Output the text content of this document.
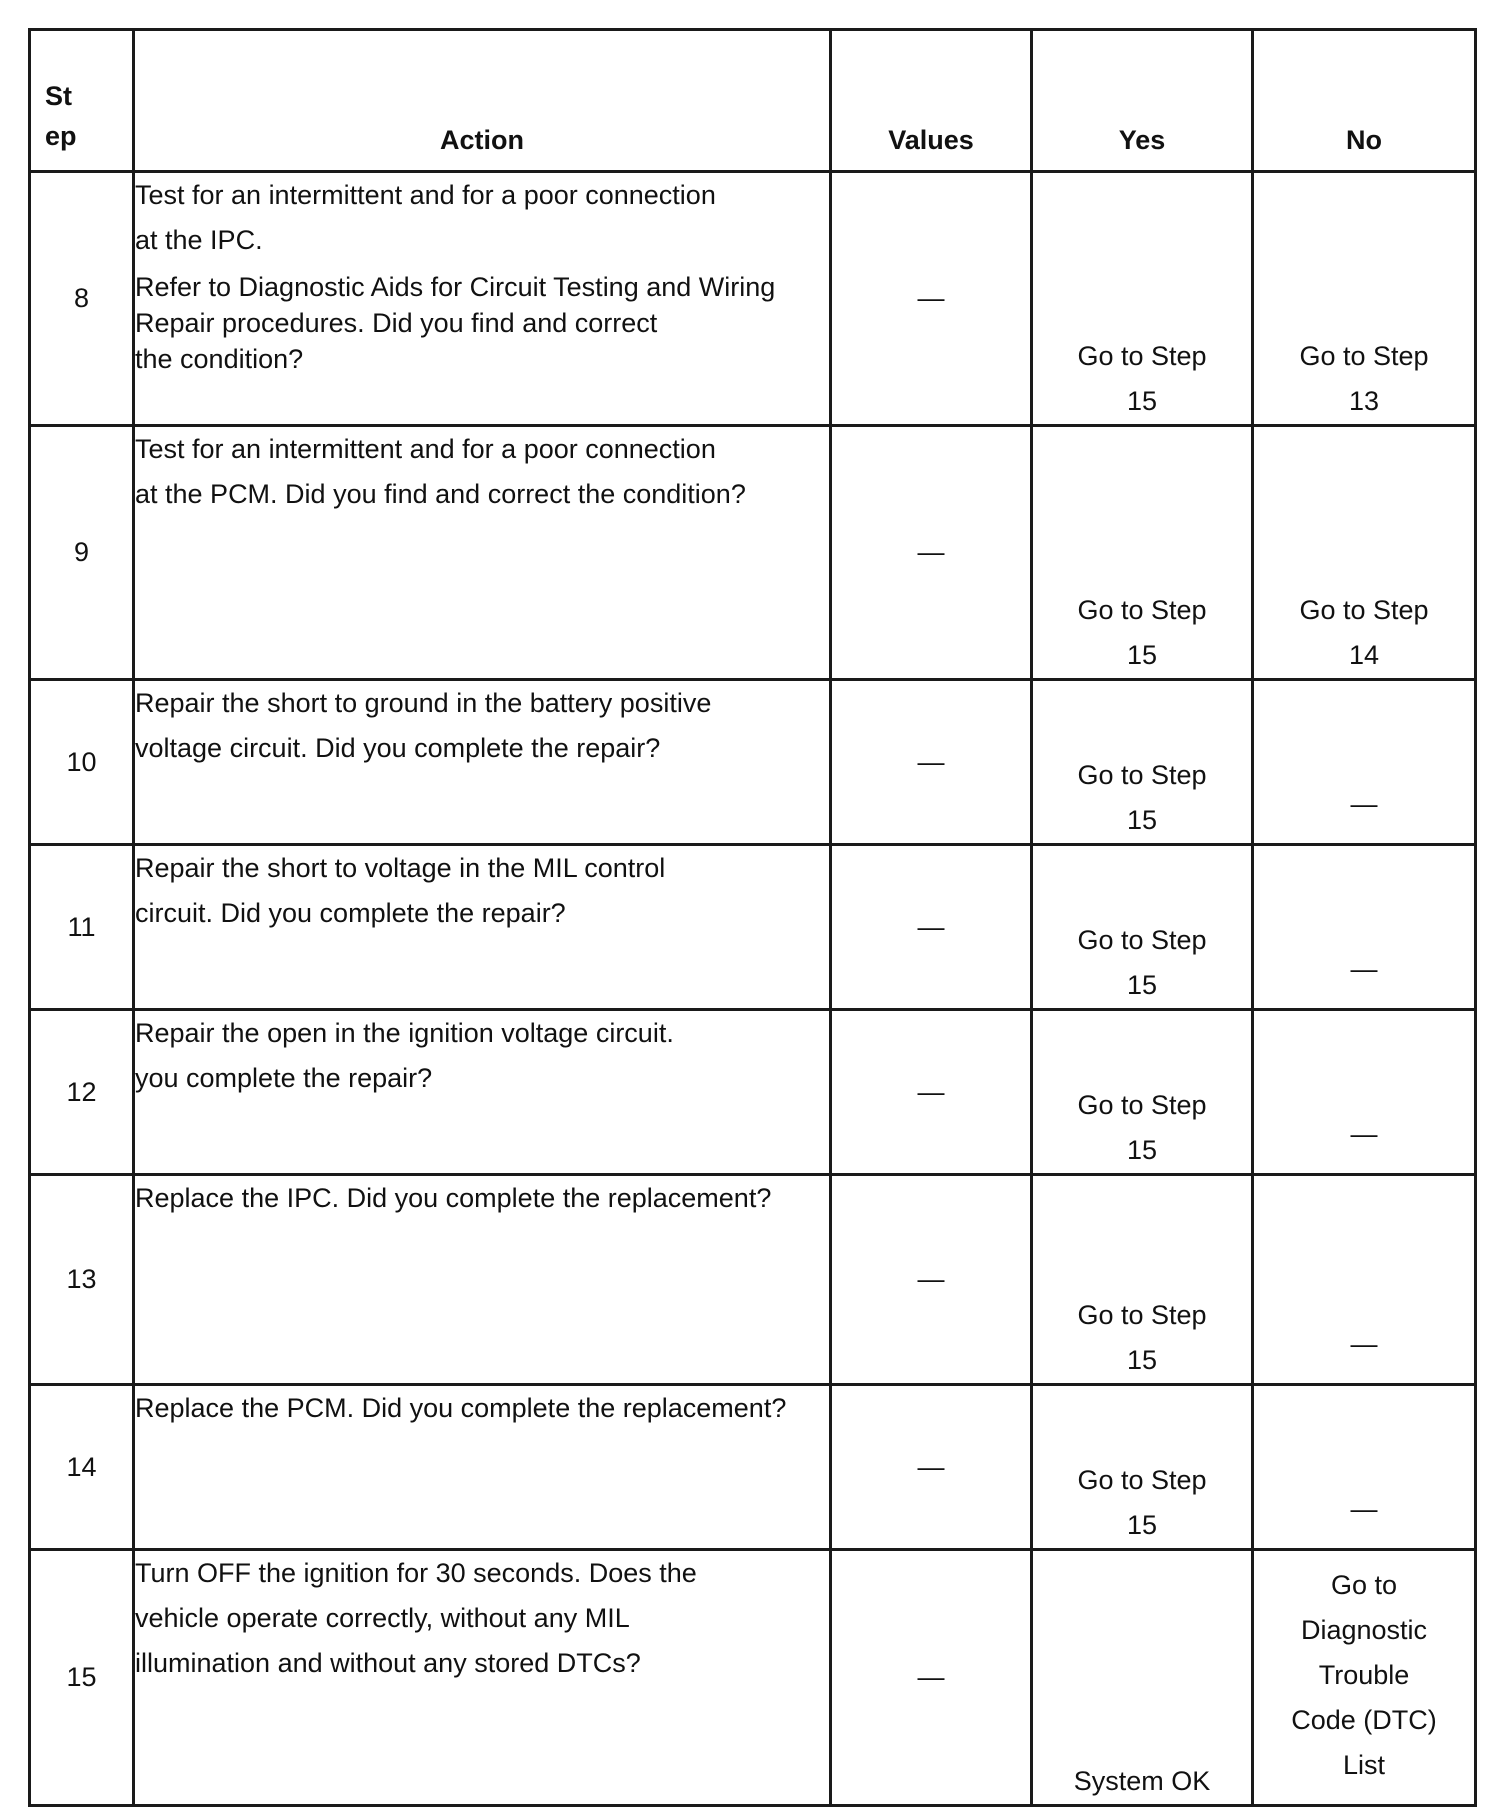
St
ep	Action	Values	Yes	No
8	Test for an intermittent and for a poor connection
at the IPC.
Refer to Diagnostic Aids for Circuit Testing and Wiring
Repair procedures. Did you find and correct
the condition?	—	Go to Step
15	Go to Step
13

9	Test for an intermittent and for a poor connection
at the PCM. Did you find and correct the condition?	—	Go to Step
15	Go to Step
14

10	Repair the short to ground in the battery positive
voltage circuit. Did you complete the repair?	—	Go to Step
15	—
11	Repair the short to voltage in the MIL control
circuit. Did you complete the repair?	—	Go to Step
15	—
12	Repair the open in the ignition voltage circuit.
you complete the repair?	—	Go to Step
15	—
13	Replace the IPC. Did you complete the replacement?	—	Go to Step
15	—
14	Replace the PCM. Did you complete the replacement?	—	Go to Step
15	—
15	Turn OFF the ignition for 30 seconds. Does the
vehicle operate correctly, without any MIL
illumination and without any stored DTCs?	—	System OK	Go to
Diagnostic
Trouble
Code (DTC)
List
